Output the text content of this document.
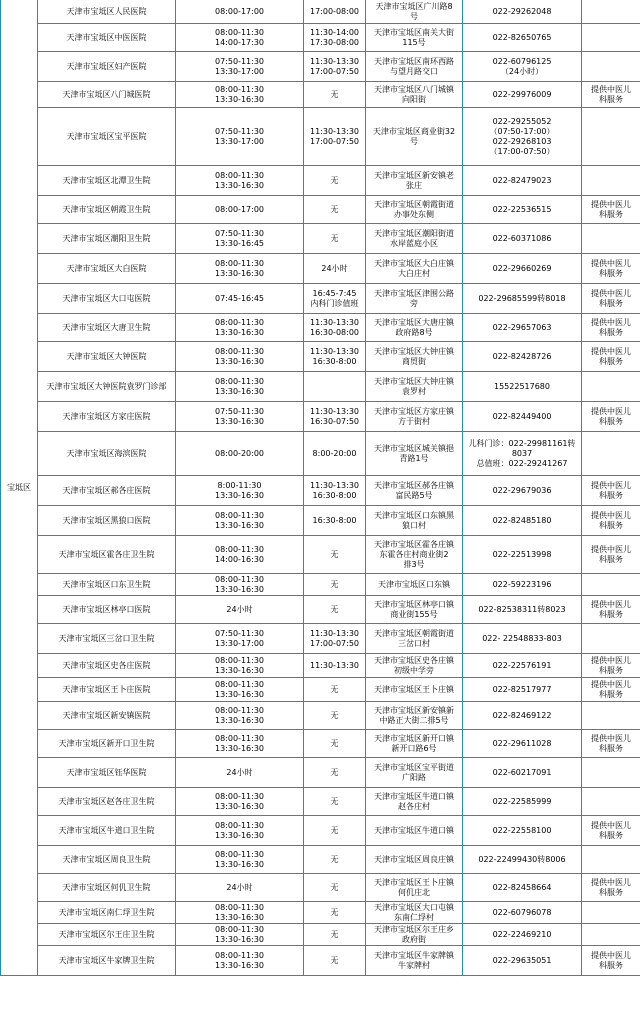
宝坻区	天津市宝坻区人民医院	08:00-17:00	17:00-08:00	天津市宝坻区广川路8
号	022-29262048	

	天津市宝坻区中医医院	08:00-11:30
14:00-17:30	11:30-14:00
17:30-08:00	天津市宝坻区南关大街
115号	022-82650765	

	天津市宝坻区妇产医院	07:50-11:30
13:30-17:00	11:30-13:30
17:00-07:50	天津市宝坻区南环西路
与望月路交口	022-60796125
（24小时）	

	天津市宝坻区八门城医院	08:00-11:30
13:30-16:30	无	天津市宝坻区八门城镇
向阳街	022-29976009	提供中医儿
科服务

	天津市宝坻区宝平医院	07:50-11:30
13:30-17:00	11:30-13:30
17:00-07:50	天津市宝坻区商业街32
号	022-29255052
（07:50-17:00）
022-29268103
（17:00-07:50）	

	天津市宝坻区北潭卫生院	08:00-11:30
13:30-16:30	无	天津市宝坻区新安镇老
张庄	022-82479023	

	天津市宝坻区朝霞卫生院	08:00-17:00	无	天津市宝坻区朝霞街道
办事处东侧	022-22536515	提供中医儿
科服务

	天津市宝坻区潮阳卫生院	07:50-11:30
13:30-16:45	无	天津市宝坻区潮阳街道
水岸蓝庭小区	022-60371086	

	天津市宝坻区大白医院	08:00-11:30
13:30-16:30	24小时	天津市宝坻区大白庄镇
大白庄村	022-29660269	提供中医儿
科服务

	天津市宝坻区大口屯医院	07:45-16:45	16:45-7:45
内科门诊值班	天津市宝坻区津围公路
旁	022-29685599转8018	提供中医儿
科服务

	天津市宝坻区大唐卫生院	08:00-11:30
13:30-16:30	11:30-13:30
16:30-08:00	天津市宝坻区大唐庄镇
政府路8号	022-29657063	提供中医儿
科服务

	天津市宝坻区大钟医院	08:00-11:30
13:30-16:30	11:30-13:30
16:30-8:00	天津市宝坻区大钟庄镇
商贸街	022-82428726	提供中医儿
科服务

	天津市宝坻区大钟医院袁罗门诊部	08:00-11:30
13:30-16:30		天津市宝坻区大钟庄镇
袁罗村	15522517680	

	天津市宝坻区方家庄医院	07:50-11:30
13:30-16:30	11:30-13:30
16:30-07:50	天津市宝坻区方家庄镇
方于街村	022-82449400	提供中医儿
科服务

	天津市宝坻区海滨医院	08:00-20:00	8:00-20:00	天津市宝坻区城关镇挹
青路1号	儿科门诊：022-29981161转
8037
总值班：022-29241267	

	天津市宝坻区郝各庄医院	8:00-11:30
13:30-16:30	11:30-13:30
16:30-8:00	天津市宝坻区郝各庄镇
富民路5号	022-29679036	提供中医儿
科服务

	天津市宝坻区黑狼口医院	08:00-11:30
13:30-16:30	16:30-8:00	天津市宝坻区口东镇黑
狼口村	022-82485180	提供中医儿
科服务

	天津市宝坻区霍各庄卫生院	08:00-11:30
14:00-16:30	无	天津市宝坻区霍各庄镇
东霍各庄村商业街2
排3号	022-22513998	提供中医儿
科服务

	天津市宝坻区口东卫生院	08:00-11:30
13:30-16:30	无	天津市宝坻区口东镇	022-59223196	

	天津市宝坻区林亭口医院	24小时	无	天津市宝坻区林亭口镇
商业街155号	022-82538311转8023	提供中医儿
科服务

	天津市宝坻区三岔口卫生院	07:50-11:30
13:30-17:00	11:30-13:30
17:00-07:50	天津市宝坻区朝霞街道
三岔口村	022- 22548833-803	

	天津市宝坻区史各庄医院	08:00-11:30
13:30-16:30	11:30-13:30	天津市宝坻区史各庄镇
初级中学旁	022-22576191	提供中医儿
科服务

	天津市宝坻区王卜庄医院	08:00-11:30
13:30-16:30	无	天津市宝坻区王卜庄镇	022-82517977	提供中医儿
科服务

	天津市宝坻区新安镇医院	08:00-11:30
13:30-16:30	无	天津市宝坻区新安镇新
中路正大街二排5号	022-82469122	

	天津市宝坻区新开口卫生院	08:00-11:30
13:30-16:30	无	天津市宝坻区新开口镇
新开口路6号	022-29611028	提供中医儿
科服务

	天津市宝坻区钰华医院	24小时	无	天津市宝坻区宝平街道
广阳路	022-60217091	

	天津市宝坻区赵各庄卫生院	08:00-11:30
13:30-16:30	无	天津市宝坻区牛道口镇
赵各庄村	022-22585999	

	天津市宝坻区牛道口卫生院	08:00-11:30
13:30-16:30	无	天津市宝坻区牛道口镇	022-22558100	提供中医儿
科服务

	天津市宝坻区周良卫生院	08:00-11:30
13:30-16:30	无	天津市宝坻区周良庄镇	022-22499430转8006	

	天津市宝坻区何仉卫生院	24小时	无	天津市宝坻区王卜庄镇
何仉庄北	022-82458664	提供中医儿
科服务

	天津市宝坻区南仁垺卫生院	08:00-11:30
13:30-16:30	无	天津市宝坻区大口屯镇
东南仁垺村	022-60796078	

	天津市宝坻区尔王庄卫生院	08:00-11:30
13:30-16:30	无	天津市宝坻区尔王庄乡
政府街	022-22469210	

	天津市宝坻区牛家牌卫生院	08:00-11:30
13:30-16:30	无	天津市宝坻区牛家牌镇
牛家牌村	022-29635051	提供中医儿
科服务
